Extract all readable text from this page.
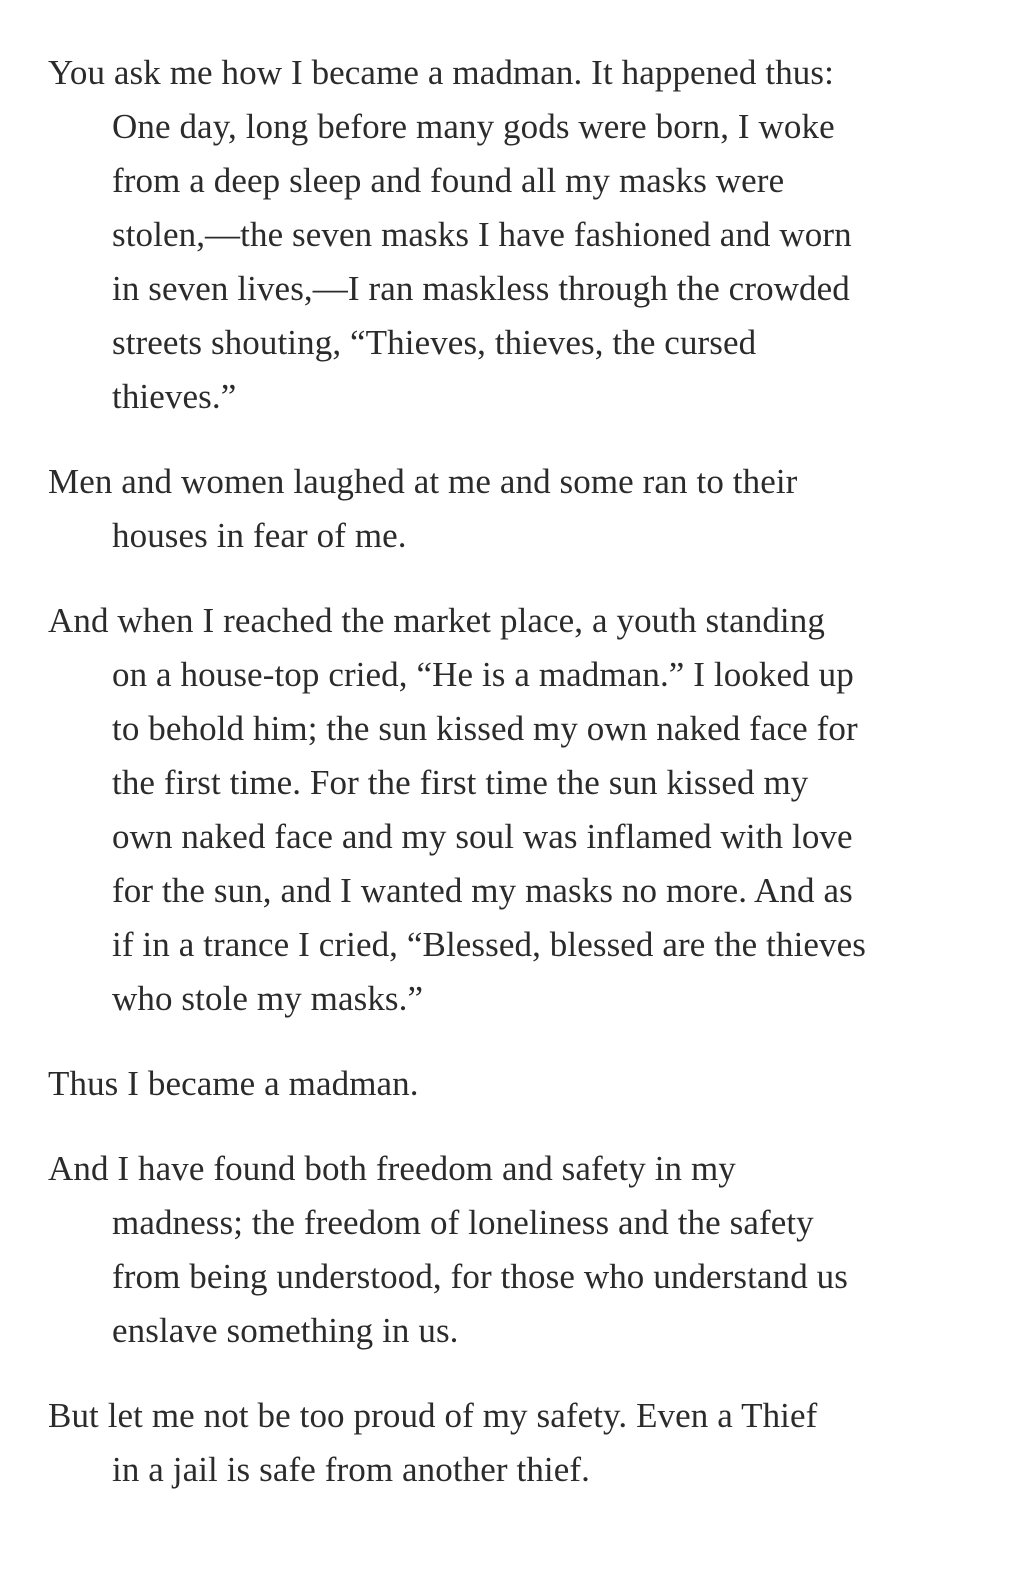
You ask me how I became a madman. It happened thus:
One day, long before many gods were born, I woke
from a deep sleep and found all my masks were
stolen,—the seven masks I have fashioned and worn
in seven lives,—I ran maskless through the crowded
streets shouting, “Thieves, thieves, the cursed
thieves.”

Men and women laughed at me and some ran to their
houses in fear of me.

And when I reached the market place, a youth standing
on a house-top cried, “He is a madman.” I looked up
to behold him; the sun kissed my own naked face for
the first time. For the first time the sun kissed my
own naked face and my soul was inflamed with love
for the sun, and I wanted my masks no more. And as
if in a trance I cried, “Blessed, blessed are the thieves
who stole my masks.”

Thus I became a madman.

And I have found both freedom and safety in my
madness; the freedom of loneliness and the safety
from being understood, for those who understand us
enslave something in us.

But let me not be too proud of my safety. Even a Thief
in a jail is safe from another thief.
